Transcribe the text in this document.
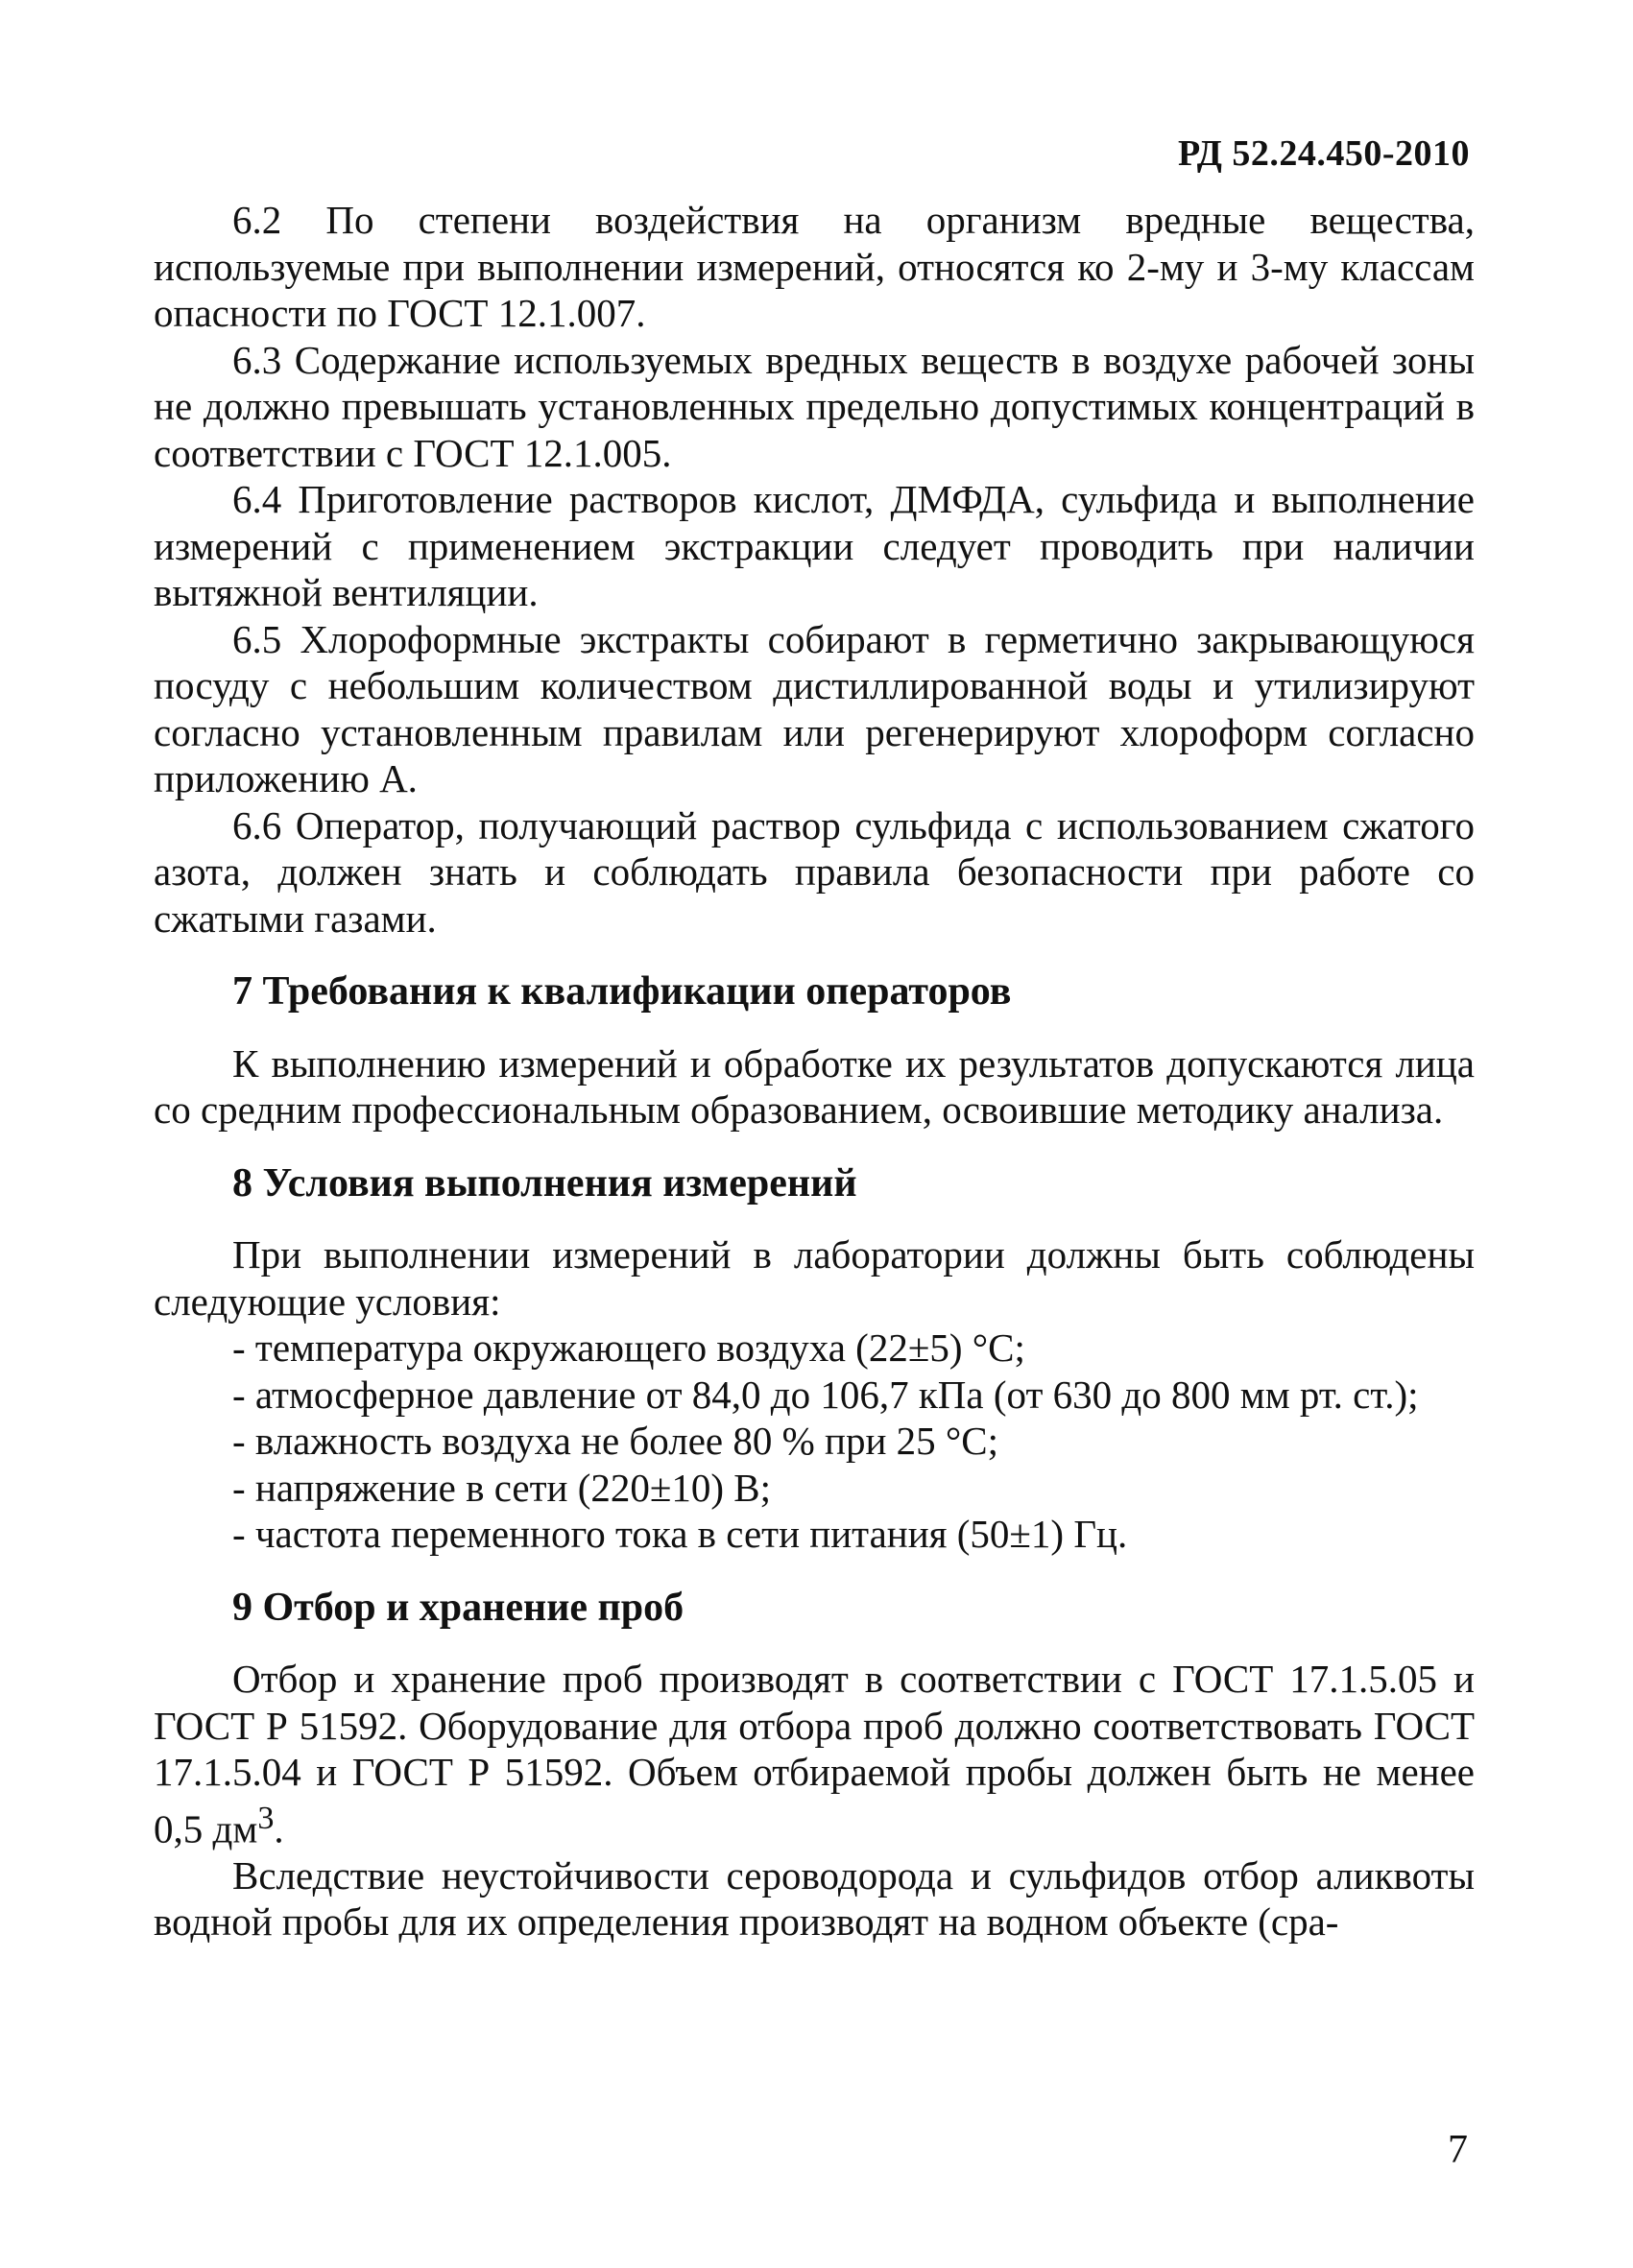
РД 52.24.450-2010

6.2 По степени воздействия на организм вредные вещества, используемые при выполнении измерений, относятся ко 2-му и 3-му классам опасности по ГОСТ 12.1.007.

6.3 Содержание используемых вредных веществ в воздухе рабочей зоны не должно превышать установленных предельно допустимых концентраций в соответствии с ГОСТ 12.1.005.

6.4 Приготовление растворов кислот, ДМФДА, сульфида и выполнение измерений с применением экстракции следует проводить при наличии вытяжной вентиляции.

6.5 Хлороформные экстракты собирают в герметично закрывающуюся посуду с небольшим количеством дистиллированной воды и утилизируют согласно установленным правилам или регенерируют хлороформ согласно приложению А.

6.6 Оператор, получающий раствор сульфида с использованием сжатого азота, должен знать и соблюдать правила безопасности при работе со сжатыми газами.

7 Требования к квалификации операторов

К выполнению измерений и обработке их результатов допускаются лица со средним профессиональным образованием, освоившие методику анализа.

8 Условия выполнения измерений

При выполнении измерений в лаборатории должны быть соблюдены следующие условия:

- температура окружающего воздуха (22±5) °С;
- атмосферное давление от 84,0 до 106,7 кПа (от 630 до 800 мм рт. ст.);
- влажность воздуха не более 80 % при 25 °С;
- напряжение в сети (220±10) В;
- частота переменного тока в сети питания (50±1) Гц.
9 Отбор и хранение проб

Отбор и хранение проб производят в соответствии с ГОСТ 17.1.5.05 и ГОСТ Р 51592. Оборудование для отбора проб должно соответствовать ГОСТ 17.1.5.04 и ГОСТ Р 51592. Объем отбираемой пробы должен быть не менее 0,5 $дм^3$.

Вследствие неустойчивости сероводорода и сульфидов отбор аликвоты водной пробы для их определения производят на водном объекте (сра-

7
